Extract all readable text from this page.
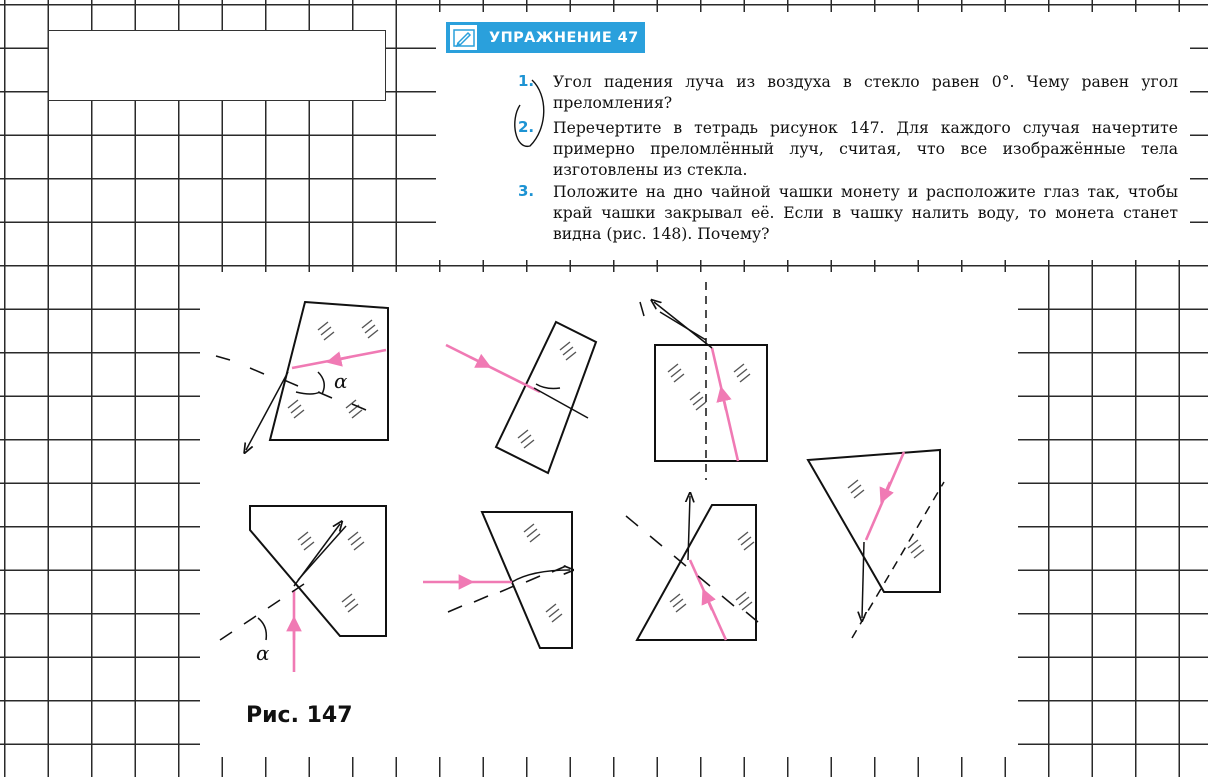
УПРАЖНЕНИЕ 47
1.	Угол падения луча из воздуха в стекло равен 0°. Чему равен угол преломления?
2.	Перечертите в тетрадь рисунок 147. Для каждого случая начертите примерно преломлённый луч, считая, что все изображённые тела изготовлены из стекла.
3.	Положите на дно чайной чашки монету и расположите глаз так, чтобы край чашки закрывал её. Если в чашку налить воду, то монета станет видна (рис. 148). Почему?
α
α
Рис. 147
